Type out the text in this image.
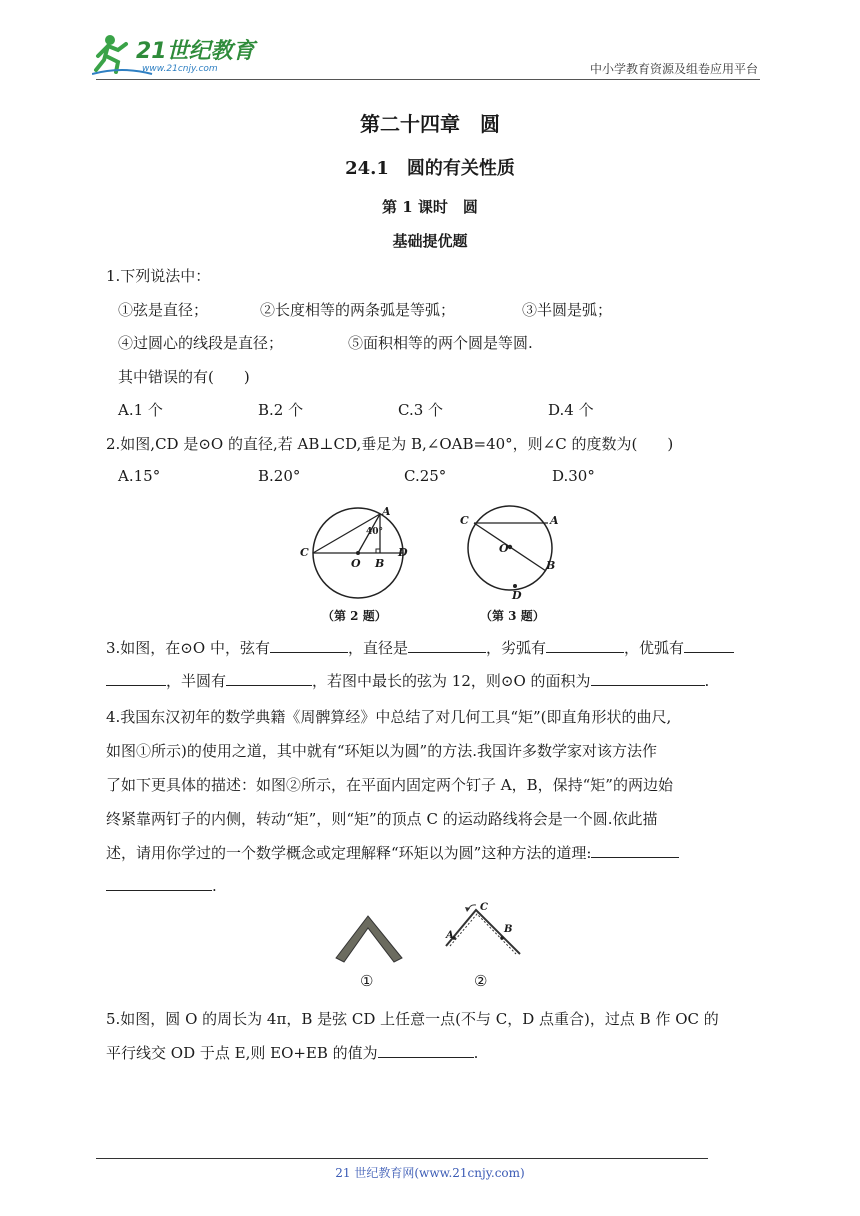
21世纪教育
www.21cnjy.com	中小学教育资源及组卷应用平台
第二十四章　圆
24.1　圆的有关性质
第 1 课时　圆
基础提优题
1.下列说法中：
①弦是直径；	②长度相等的两条弧是等弧；	③半圆是弧；
④过圆心的线段是直径；	⑤面积相等的两个圆是等圆.
其中错误的有(　　)
A.1 个	B.2 个	C.3 个	D.4 个
2.如图,CD 是⊙O 的直径,若 AB⊥CD,垂足为 B,∠OAB=40°，则∠C 的度数为(　　)
A.15°	B.20°	C.25°	D.30°
A
C
O B
D
40°
（第 2 题）
C	A
O
B
D
（第 3 题）
3.如图，在⊙O 中，弦有	，直径是	，劣弧有	，优弧有
，半圆有	，若图中最长的弦为 12，则⊙O 的面积为	.
4.我国东汉初年的数学典籍《周髀算经》中总结了对几何工具“矩”(即直角形状的曲尺,
如图①所示)的使用之道，其中就有“环矩以为圆”的方法.我国许多数学家对该方法作
了如下更具体的描述：如图②所示，在平面内固定两个钉子 A，B，保持“矩”的两边始
终紧靠两钉子的内侧，转动“矩”，则“矩”的顶点 C 的运动路线将会是一个圆.依此描
述，请用你学过的一个数学概念或定理解释“环矩以为圆”这种方法的道理:
.
A
B
C
①	②
5.如图，圆 O 的周长为 4π，B 是弦 CD 上任意一点(不与 C，D 点重合)，过点 B 作 OC 的
平行线交 OD 于点 E,则 EO+EB 的值为	.
21 世纪教育网(www.21cnjy.com)
